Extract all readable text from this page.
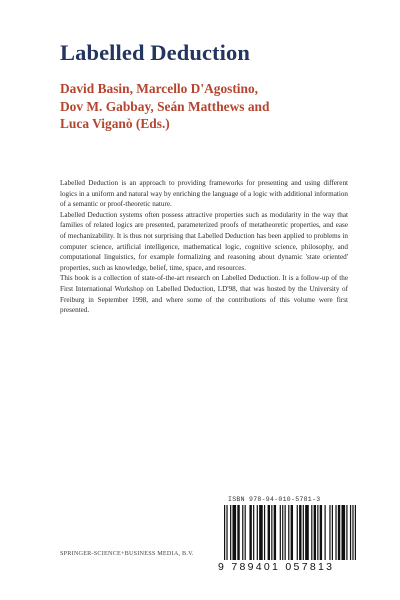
Labelled Deduction
David Basin, Marcello D'Agostino,
Dov M. Gabbay, Seán Matthews and
Luca Viganò (Eds.)

Labelled Deduction is an approach to providing frameworks for presenting and using different logics in a uniform and natural way by enriching the language of a logic with additional information of a semantic or proof-theoretic nature.

Labelled Deduction systems often possess attractive properties such as modularity in the way that families of related logics are presented, parameterized proofs of metatheoretic properties, and ease of mechanizability. It is thus not surprising that Labelled Deduction has been applied to problems in computer science, artificial intelligence, mathematical logic, cognitive science, philosophy, and computational linguistics, for example formalizing and reasoning about dynamic 'state oriented' properties, such as knowledge, belief, time, space, and resources.

This book is a collection of state-of-the-art research on Labelled Deduction. It is a follow-up of the First International Workshop on Labelled Deduction, LD'98, that was hosted by the University of Freiburg in September 1998, and where some of the contributions of this volume were first presented.

ISBN 978-94-010-5781-3
9 789401 057813
SPRINGER-SCIENCE+BUSINESS MEDIA, B.V.
